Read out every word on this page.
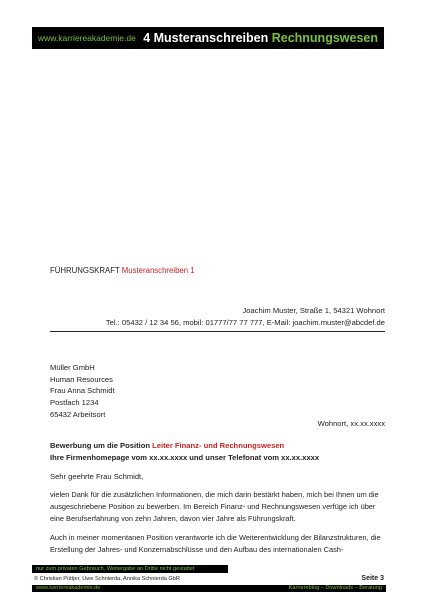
www.karriereakademie.de 4 Musteranschreiben Rechnungswesen
FÜHRUNGSKRAFT Musteranschreiben 1
Joachim Muster, Straße 1, 54321 Wohnort
Tel.: 05432 / 12 34 56, mobil: 01777/77 77 777, E-Mail: joachim.muster@abcdef.de
Müller GmbH
Human Resources
Frau Anna Schmidt
Postfach 1234
65432 Arbeitsort
Wohnort, xx.xx.xxxx
Bewerbung um die Position Leiter Finanz- und Rechnungswesen
Ihre Firmenhomepage vom xx.xx.xxxx und unser Telefonat vom xx.xx.xxxx
Sehr geehrte Frau Schmidt,
vielen Dank für die zusätzlichen Informationen, die mich darin bestärkt haben, mich bei Ihnen um die ausgeschriebene Position zu bewerben. Im Bereich Finanz- und Rechnungswesen verfüge ich über eine Berufserfahrung von zehn Jahren, davon vier Jahre als Führungskraft.
Auch in meiner momentanen Position verantworte ich die Weiterentwicklung der Bilanzstrukturen, die Erstellung der Jahres- und Konzernabschlüsse und den Aufbau des internationalen Cash-
nur zum privaten Gebrauch, Weitergabe an Dritte nicht gestattet
© Christian Püttjer, Uwe Schnierda, Annika Schnierda GbR	Seite 3
www.karriereakademie.de	Karriereblog – Downloads – Beratung
